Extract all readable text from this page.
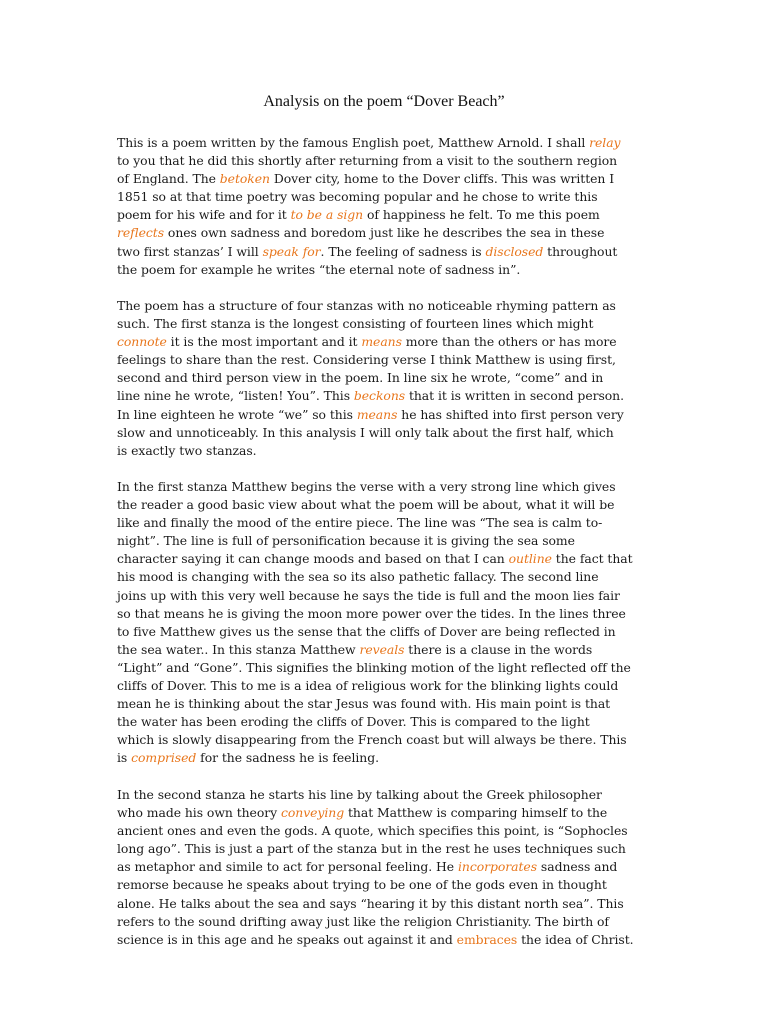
Analysis on the poem “Dover Beach”
This is a poem written by the famous English poet, Matthew Arnold. I shall relay
to you that he did this shortly after returning from a visit to the southern region
of England. The betoken Dover city, home to the Dover cliffs. This was written I
1851 so at that time poetry was becoming popular and he chose to write this
poem for his wife and for it to be a sign of happiness he felt. To me this poem
reflects ones own sadness and boredom just like he describes the sea in these
two first stanzas’ I will speak for. The feeling of sadness is disclosed throughout
the poem for example he writes “the eternal note of sadness in”.
The poem has a structure of four stanzas with no noticeable rhyming pattern as
such. The first stanza is the longest consisting of fourteen lines which might
connote it is the most important and it means more than the others or has more
feelings to share than the rest. Considering verse I think Matthew is using first,
second and third person view in the poem. In line six he wrote, “come” and in
line nine he wrote, “listen! You”. This beckons that it is written in second person.
In line eighteen he wrote “we” so this means he has shifted into first person very
slow and unnoticeably. In this analysis I will only talk about the first half, which
is exactly two stanzas.
In the first stanza Matthew begins the verse with a very strong line which gives
the reader a good basic view about what the poem will be about, what it will be
like and finally the mood of the entire piece. The line was “The sea is calm to-
night”. The line is full of personification because it is giving the sea some
character saying it can change moods and based on that I can outline the fact that
his mood is changing with the sea so its also pathetic fallacy. The second line
joins up with this very well because he says the tide is full and the moon lies fair
so that means he is giving the moon more power over the tides. In the lines three
to five Matthew gives us the sense that the cliffs of Dover are being reflected in
the sea water.. In this stanza Matthew reveals there is a clause in the words
“Light” and “Gone”. This signifies the blinking motion of the light reflected off the
cliffs of Dover. This to me is a idea of religious work for the blinking lights could
mean he is thinking about the star Jesus was found with. His main point is that
the water has been eroding the cliffs of Dover. This is compared to the light
which is slowly disappearing from the French coast but will always be there. This
is comprised for the sadness he is feeling.
In the second stanza he starts his line by talking about the Greek philosopher
who made his own theory conveying that Matthew is comparing himself to the
ancient ones and even the gods. A quote, which specifies this point, is “Sophocles
long ago”. This is just a part of the stanza but in the rest he uses techniques such
as metaphor and simile to act for personal feeling. He incorporates sadness and
remorse because he speaks about trying to be one of the gods even in thought
alone. He talks about the sea and says “hearing it by this distant north sea”. This
refers to the sound drifting away just like the religion Christianity. The birth of
science is in this age and he speaks out against it and embraces the idea of Christ.
